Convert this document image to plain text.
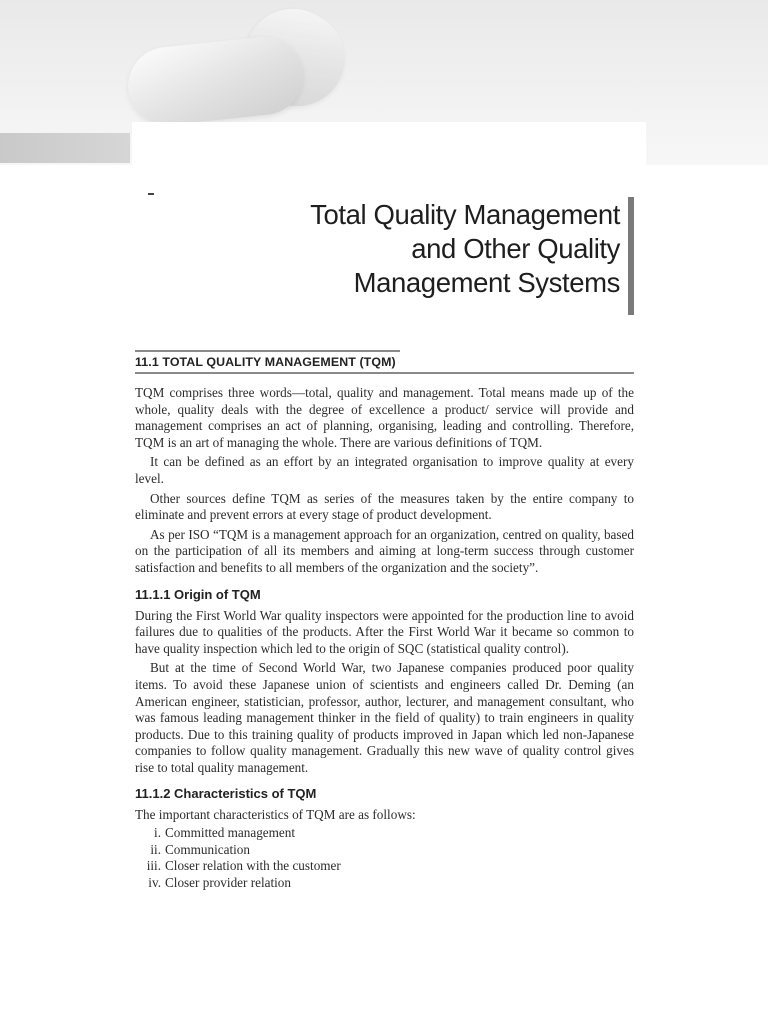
Total Quality Management
and Other Quality
Management Systems
11.1 TOTAL QUALITY MANAGEMENT (TQM)

TQM comprises three words—total, quality and management. Total means made up of the whole, quality deals with the degree of excellence a product/ service will provide and management comprises an act of planning, organising, leading and controlling. Therefore, TQM is an art of managing the whole. There are various definitions of TQM.

It can be defined as an effort by an integrated organisation to improve quality at every level.

Other sources define TQM as series of the measures taken by the entire company to eliminate and prevent errors at every stage of product development.

As per ISO “TQM is a management approach for an organization, centred on quality, based on the participation of all its members and aiming at long-term success through customer satisfaction and benefits to all members of the organization and the society”.

11.1.1 Origin of TQM

During the First World War quality inspectors were appointed for the production line to avoid failures due to qualities of the products. After the First World War it became so common to have quality inspection which led to the origin of SQC (statistical quality control).

But at the time of Second World War, two Japanese companies produced poor quality items. To avoid these Japanese union of scientists and engineers called Dr. Deming (an American engineer, statistician, professor, author, lecturer, and management consultant, who was famous leading management thinker in the field of quality) to train engineers in quality products. Due to this training quality of products improved in Japan which led non-Japanese companies to follow quality management. Gradually this new wave of quality control gives rise to total quality management.

11.1.2 Characteristics of TQM

The important characteristics of TQM are as follows:

i. Committed management
ii. Communication
iii. Closer relation with the customer
iv. Closer provider relation
